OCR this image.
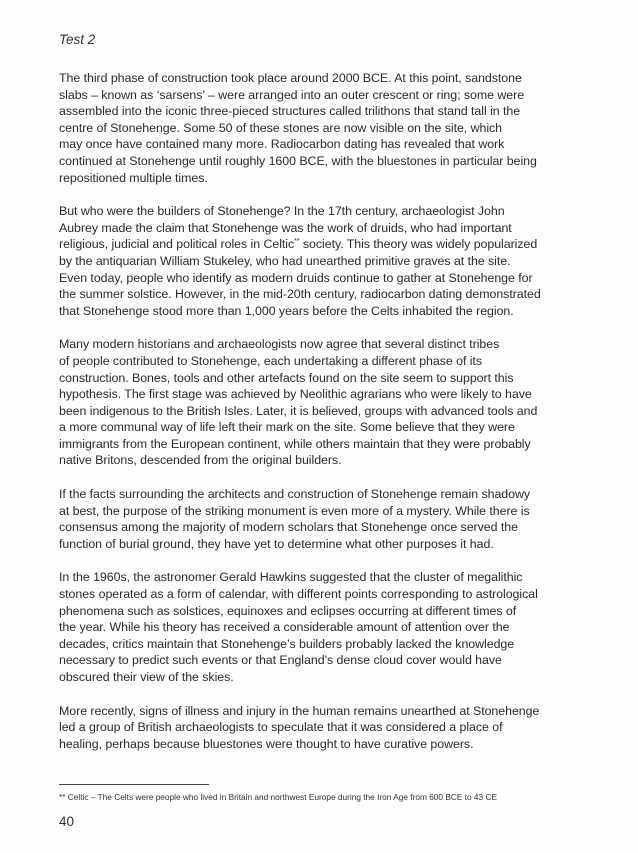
Test 2

The third phase of construction took place around 2000 BCE. At this point, sandstone
slabs – known as ‘sarsens’ – were arranged into an outer crescent or ring; some were
assembled into the iconic three-pieced structures called trilithons that stand tall in the
centre of Stonehenge. Some 50 of these stones are now visible on the site, which
may once have contained many more. Radiocarbon dating has revealed that work
continued at Stonehenge until roughly 1600 BCE, with the bluestones in particular being
repositioned multiple times.

But who were the builders of Stonehenge? In the 17th century, archaeologist John
Aubrey made the claim that Stonehenge was the work of druids, who had important
religious, judicial and political roles in Celtic** society. This theory was widely popularized
by the antiquarian William Stukeley, who had unearthed primitive graves at the site.
Even today, people who identify as modern druids continue to gather at Stonehenge for
the summer solstice. However, in the mid-20th century, radiocarbon dating demonstrated
that Stonehenge stood more than 1,000 years before the Celts inhabited the region.

Many modern historians and archaeologists now agree that several distinct tribes
of people contributed to Stonehenge, each undertaking a different phase of its
construction. Bones, tools and other artefacts found on the site seem to support this
hypothesis. The first stage was achieved by Neolithic agrarians who were likely to have
been indigenous to the British Isles. Later, it is believed, groups with advanced tools and
a more communal way of life left their mark on the site. Some believe that they were
immigrants from the European continent, while others maintain that they were probably
native Britons, descended from the original builders.

If the facts surrounding the architects and construction of Stonehenge remain shadowy
at best, the purpose of the striking monument is even more of a mystery. While there is
consensus among the majority of modern scholars that Stonehenge once served the
function of burial ground, they have yet to determine what other purposes it had.

In the 1960s, the astronomer Gerald Hawkins suggested that the cluster of megalithic
stones operated as a form of calendar, with different points corresponding to astrological
phenomena such as solstices, equinoxes and eclipses occurring at different times of
the year. While his theory has received a considerable amount of attention over the
decades, critics maintain that Stonehenge’s builders probably lacked the knowledge
necessary to predict such events or that England’s dense cloud cover would have
obscured their view of the skies.

More recently, signs of illness and injury in the human remains unearthed at Stonehenge
led a group of British archaeologists to speculate that it was considered a place of
healing, perhaps because bluestones were thought to have curative powers.

** Celtic – The Celts were people who lived in Britain and northwest Europe during the Iron Age from 600 BCE to 43 CE
40
